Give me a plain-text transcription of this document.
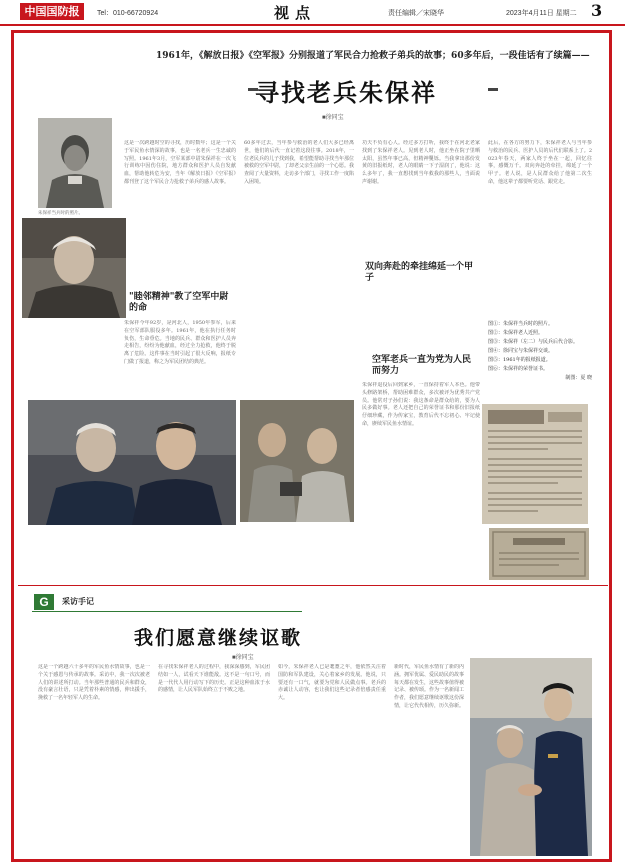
中国国防报	Tel：010-66720924	视点	责任编辑／宋晓华	2023年4月11日 星期二 3
1961年，《解放日报》《空军报》分别报道了军民合力抢救子弟兵的故事；60多年后，一段佳话有了续篇——
寻找老兵朱保祥
■徐同宝
朱保祥当兵时的照片。
这是一次跨越时空的寻找，历时数年；这是一个关于军民鱼水情深的故事，也是一名老兵一生忠诚的写照。1961年3月，空军某部中尉朱保祥在一次飞行训练中因伤住院，地方群众和医护人员自发献血，帮助他转危为安，当年《解放日报》《空军报》都刊登了这个军民合力抢救子弟兵的感人故事。
"睦邻精神"教了空军中尉的命
朱保祥今年92岁，是河北人，1950年参军，后来在空军部队服役多年。1961年，他在执行任务时负伤，生命垂危。当地的民兵、群众和医护人员奔走相告，纷纷为他献血，经过全力抢救，他终于脱离了危险。这件事在当时引起了很大反响，报纸专门做了报道，称之为军民团结的典范。
60多年过去，当年参与救治的老人们大多已经离世，他们的后代一直记着这段往事。2018年，一位老民兵的儿子找到我，希望能帮助寻找当年那位被救的空军中尉，了却老父亲生前的一个心愿。我查阅了大量资料，走访多个部门，寻找工作一度陷入困境。
功夫不负有心人。经过多方打听，我终于在河北老家找到了朱保祥老人。见到老人时，他正坐在院子里晒太阳，虽然年事已高，但精神矍铄。当我拿出那份发黄的旧报纸时，老人的眼睛一下子湿润了，他说：这么多年了，我一直想找到当年救我的那些人，当面说声谢谢。
双向奔赴的牵挂绵延一个甲子
此后，在各方的努力下，朱保祥老人与当年参与救治的民兵、医护人员的后代们联系上了。2023年春天，两家人终于坐在一起，回忆往事，感慨万千。双向奔赴的牵挂，绵延了一个甲子。老人说，是人民群众给了他第二次生命，他这辈子都要听党话、跟党走。
空军老兵一直为党为人民而努力
朱保祥退役后回到家乡，一直保持着军人本色。他带头修路架桥，帮助困难群众，多次被评为优秀共产党员。他常对子孙们说：我这条命是群众给的，要为人民多做好事。老人还把自己的荣誉证书和那份旧报纸仔细珍藏，作为传家宝，教育后代不忘初心、牢记使命，赓续军民鱼水情谊。
图①：朱保祥当兵时的照片。
图②：朱保祥老人近照。
图③：朱保祥（左二）与民兵后代合影。
图④：徐同宝与朱保祥交谈。
图⑤：1961年的报纸报道。
图⑥：朱保祥的荣誉证书。
制图：夏 晓
G	采访手记
我们愿意继续讴歌
■徐同宝
这是一个跨越六十多年的军民鱼水情故事，也是一个关于感恩与传承的故事。采访中，我一次次被老人们的讲述所打动。当年那些普通的民兵和群众，没有豪言壮语，只是凭着朴素的情感，伸出援手，挽救了一名年轻军人的生命。
在寻找朱保祥老人的过程中，我深深感到，军民团结如一人，试看天下谁能敌。这不是一句口号，而是一代代人用行动写下的历史。正是这种血浓于水的感情，让人民军队始终立于不败之地。
如今，朱保祥老人已是耄耋之年，他依然关注着国防和军队建设，关心着家乡的发展。他说，只要还有一口气，就要为党和人民做点事。老兵的赤诚让人动容，也让我们这些记录者倍感责任重大。
新时代，军民鱼水情有了新的内涵。拥军优属、爱民助民的故事每天都在发生，这些故事值得被记录、被传颂。作为一名新闻工作者，我们愿意继续讴歌这份深情，让它代代相传，历久弥新。
